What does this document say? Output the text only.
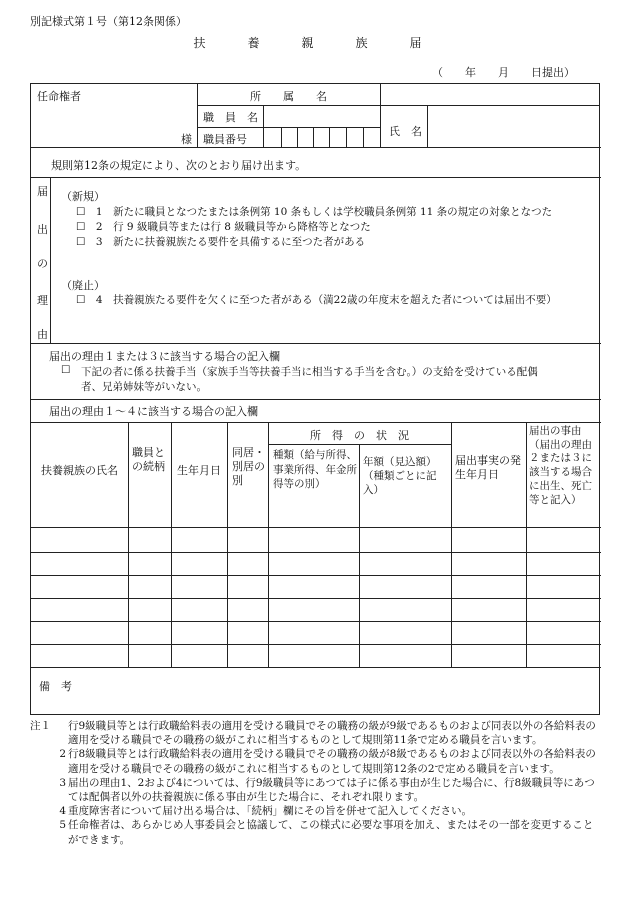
別記様式第１号（第12条関係）
扶　養　親　族　届
（　　年　　月　　日提出）
任命権者
様
所　　属　　名
職　員　名
職員番号
氏　名
規則第12条の規定により、次のとおり届け出ます。
届
出
の
理
由
（新規）
☐　1　新たに職員となつたまたは条例第 10 条もしくは学校職員条例第 11 条の規定の対象となつた
☐　2　行 9 級職員等または行 8 級職員等から降格等となつた
☐　3　新たに扶養親族たる要件を具備するに至つた者がある
（廃止）
☐　4　扶養親族たる要件を欠くに至つた者がある（満22歳の年度末を超えた者については届出不要）
届出の理由１または３に該当する場合の記入欄
☐ 下記の者に係る扶養手当（家族手当等扶養手当に相当する手当を含む。）の支給を受けている配偶
者、兄弟姉妹等がいない。
届出の理由１～４に該当する場合の記入欄
扶養親族の氏名
職員との続柄	生年月日
同居・別居の別
所　得　の　状　況
種類（給与所得、事業所得、年金所得等の別）
年額（見込額）（種類ごとに記入）
届出事実の発生年月日
届出の事由（届出の理由２または３に該当する場合に出生、死亡等と記入）
備　考
注１	行9級職員等とは行政職給料表の適用を受ける職員でその職務の級が9級であるものおよび同表以外の各給料表の適用を受ける職員でその職務の級がこれに相当するものとして規則第11条で定める職員を言います。
2 行8級職員等とは行政職給料表の適用を受ける職員でその職務の級が8級であるものおよび同表以外の各給料表の適用を受ける職員でその職務の級がこれに相当するものとして規則第12条の2で定める職員を言います。
3 届出の理由1、2および4については、行9級職員等にあつては子に係る事由が生じた場合に、行8級職員等にあつては配偶者以外の扶養親族に係る事由が生じた場合に、それぞれ限ります。
4 重度障害者について届け出る場合は、「続柄」欄にその旨を併せて記入してください。
5 任命権者は、あらかじめ人事委員会と協議して、この様式に必要な事項を加え、またはその一部を変更することができます。
